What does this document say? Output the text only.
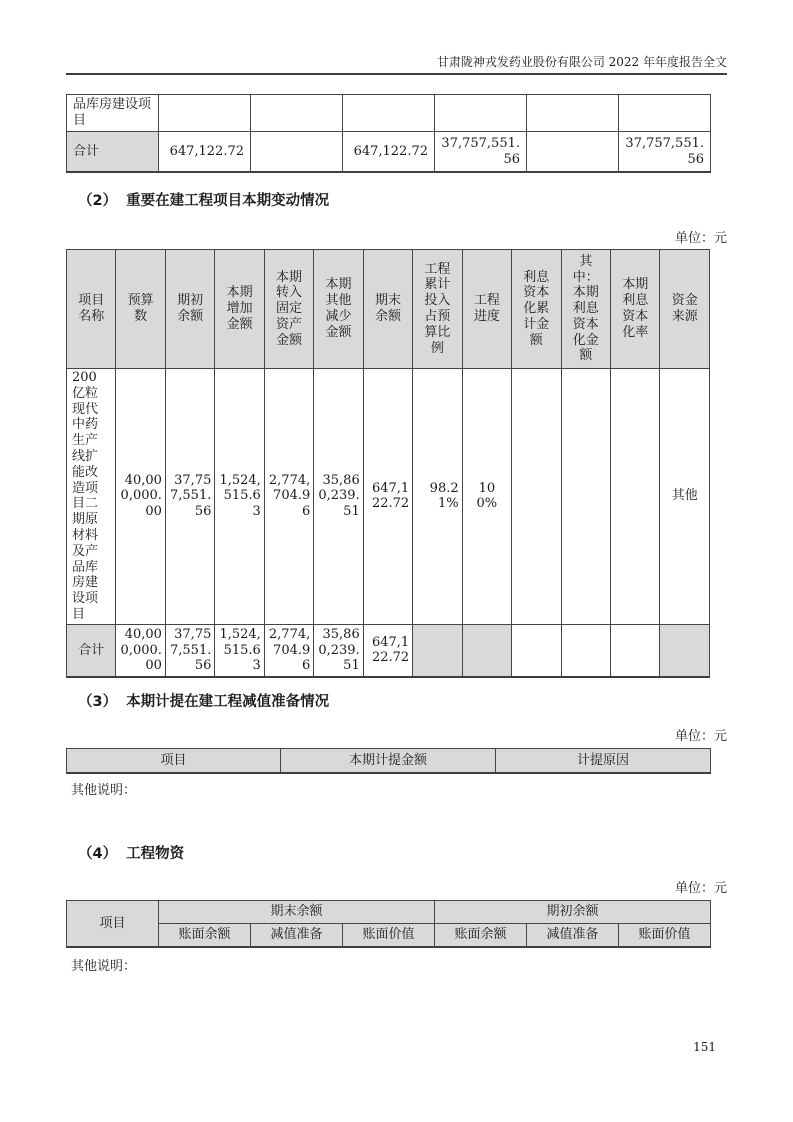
甘肃陇神戎发药业股份有限公司 2022 年年度报告全文
品库房建设项目						
合计	647,122.72		647,122.72	37,757,551.56		37,757,551.56
（2） 重要在建工程项目本期变动情况
单位：元
项目名称	预算数	期初余额	本期增加金额	本期转入固定资产金额	本期其他减少金额	期末余额	工程累计投入占预算比例	工程进度	利息资本化累计金额	其中：本期利息资本化金额	本期利息资本化率	资金来源
200 亿粒现代中药生产线扩能改造项目二期原材料及产品库房建设项目	40,000,000.00	37,757,551.56	1,524,515.63	2,774,704.96	35,860,239.51	647,122.72	98.21%	100%				其他
合计	40,000,000.00	37,757,551.56	1,524,515.63	2,774,704.96	35,860,239.51	647,122.72						
（3） 本期计提在建工程减值准备情况
单位：元
项目	本期计提金额	计提原因
其他说明：
（4） 工程物资
单位：元
项目	期末余额			期初余额		
	账面余额	减值准备	账面价值	账面余额	减值准备	账面价值
其他说明：
151
